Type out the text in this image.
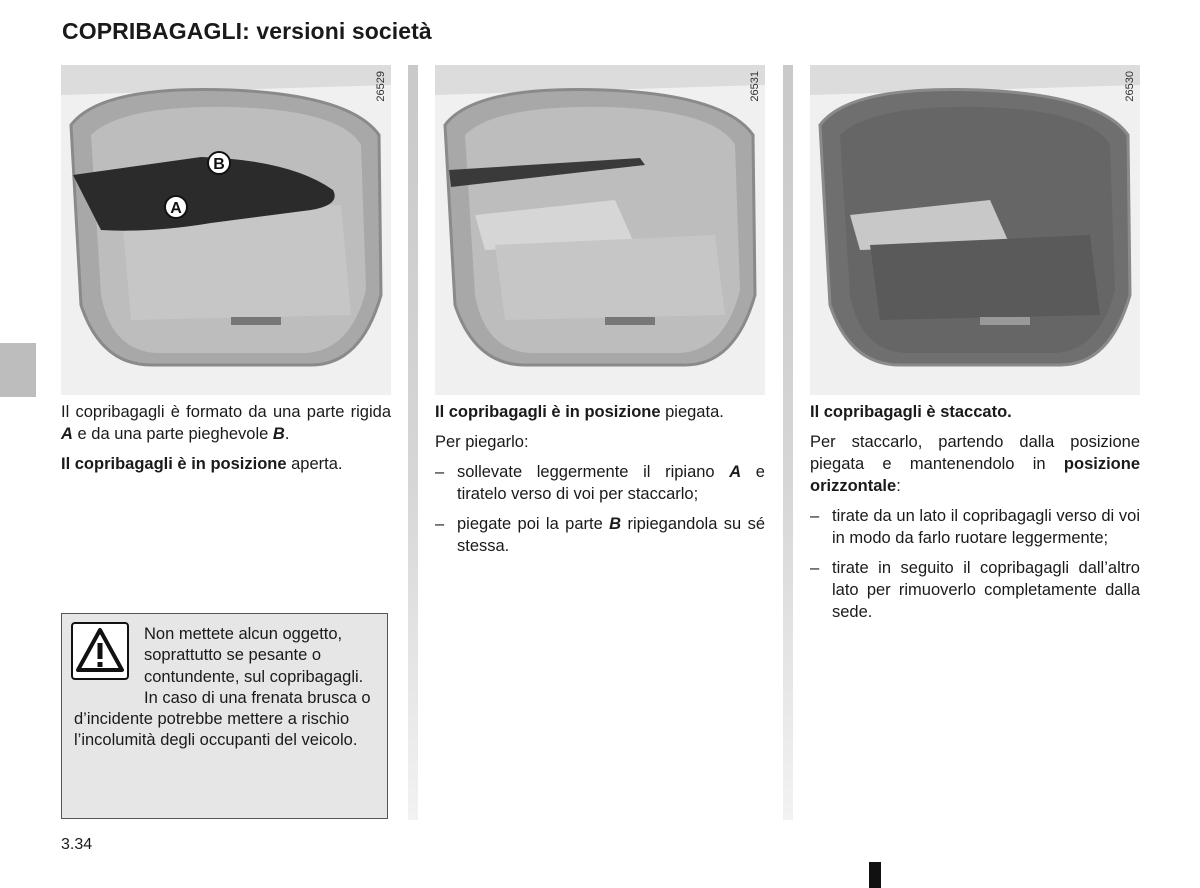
COPRIBAGAGLI: versioni società
B
A
26529	26531	26530

Il copribagagli è formato da una parte rigida A e da una parte pieghevole B.

Il copribagagli è in posizione aperta.

Il copribagagli è in posizione piegata.

Per piegarlo:

– sollevate leggermente il ripiano A e tiratelo verso di voi per staccarlo;
– piegate poi la parte B ripiegandola su sé stessa.

Il copribagagli è staccato.

Per staccarlo, partendo dalla posizione piegata e mantenendolo in posizione orizzontale:

– tirate da un lato il copribagagli verso di voi in modo da farlo ruotare leggermente;
– tirate in seguito il copribagagli dall’altro lato per rimuoverlo completamente dalla sede.
Non mettete alcun oggetto, soprattutto se pesante o contundente, sul copribagagli. In caso di una frenata brusca o d’incidente potrebbe mettere a rischio l’incolumità degli occupanti del veicolo.
3.34
